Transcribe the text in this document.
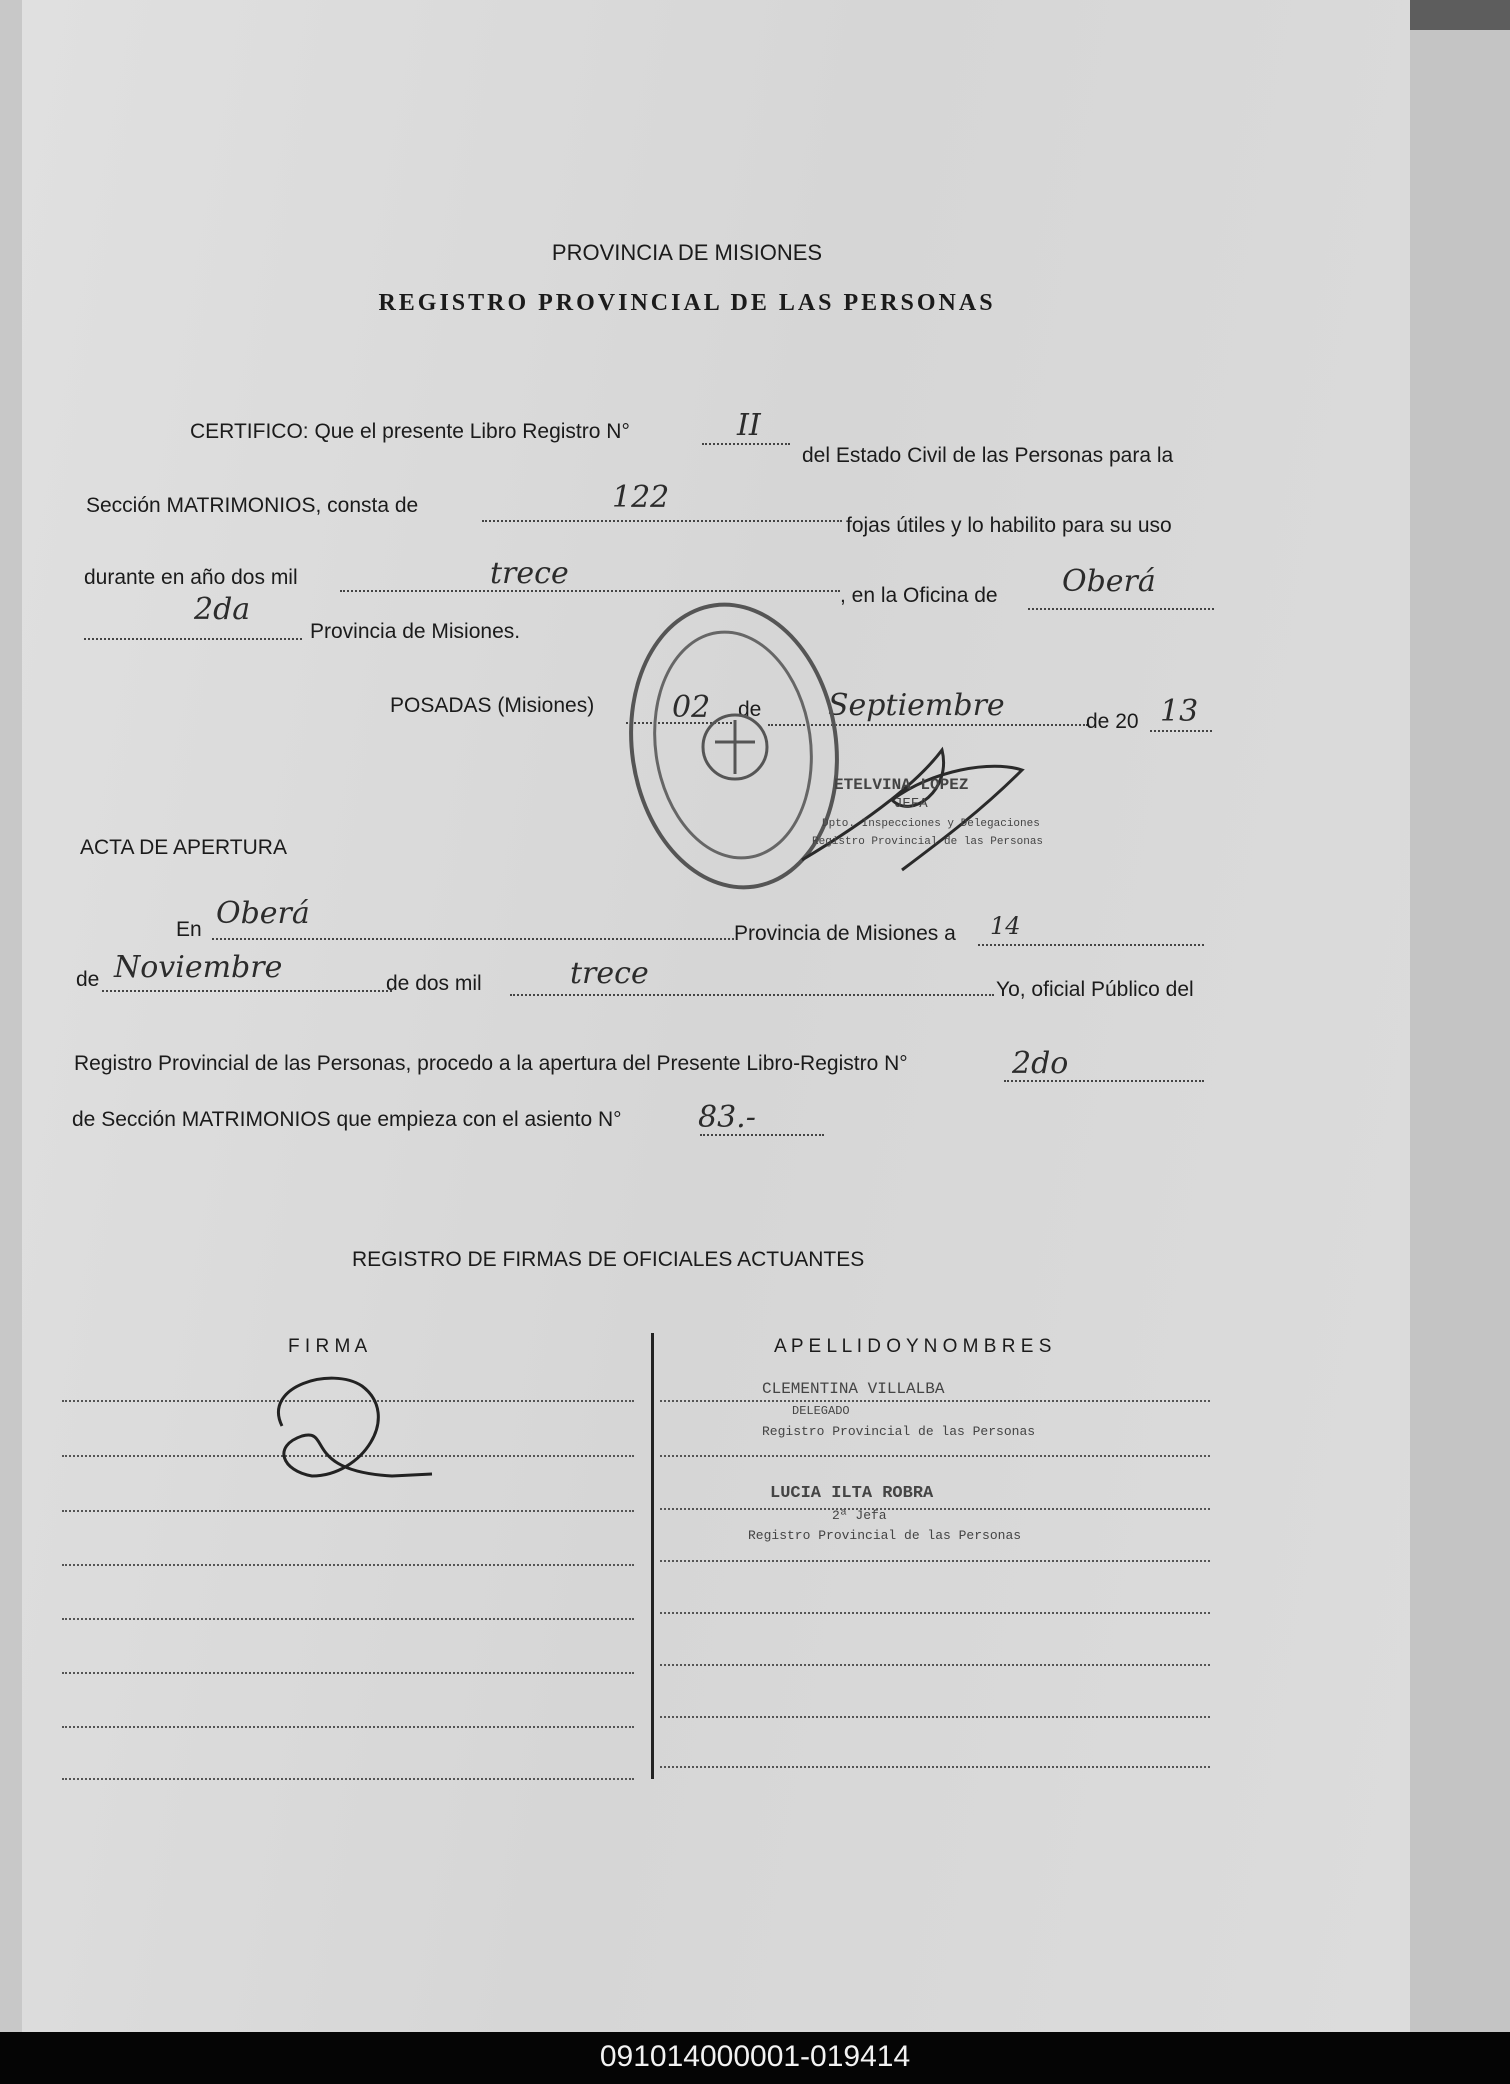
PROVINCIA DE MISIONES
REGISTRO PROVINCIAL DE LAS PERSONAS
CERTIFICO: Que el presente Libro Registro N°	II
del Estado Civil de las Personas para la
Sección MATRIMONIOS, consta de	122
fojas útiles y lo habilito para su uso
durante en año dos mil	trece
, en la Oficina de Oberá
2da
Provincia de Misiones.
POSADAS (Misiones)	02 de Septiembre	de 20 13
ETELVINA LOPEZ
JEFA
Dpto. Inspecciones y Delegaciones
Registro Provincial de las Personas
ACTA DE APERTURA
En Oberá
Provincia de Misiones a 14
de Noviembre	de dos mil	trece	Yo, oficial Público del
Registro Provincial de las Personas, procedo a la apertura del Presente Libro-Registro N°	2do
de Sección MATRIMONIOS que empieza con el asiento N°	83.-
REGISTRO DE FIRMAS DE OFICIALES ACTUANTES
F I R M A	A P E L L I D O Y N O M B R E S
CLEMENTINA VILLALBA
DELEGADO
Registro Provincial de las Personas
LUCIA ILTA ROBRA
2ª Jefa
Registro Provincial de las Personas
091014000001-019414
